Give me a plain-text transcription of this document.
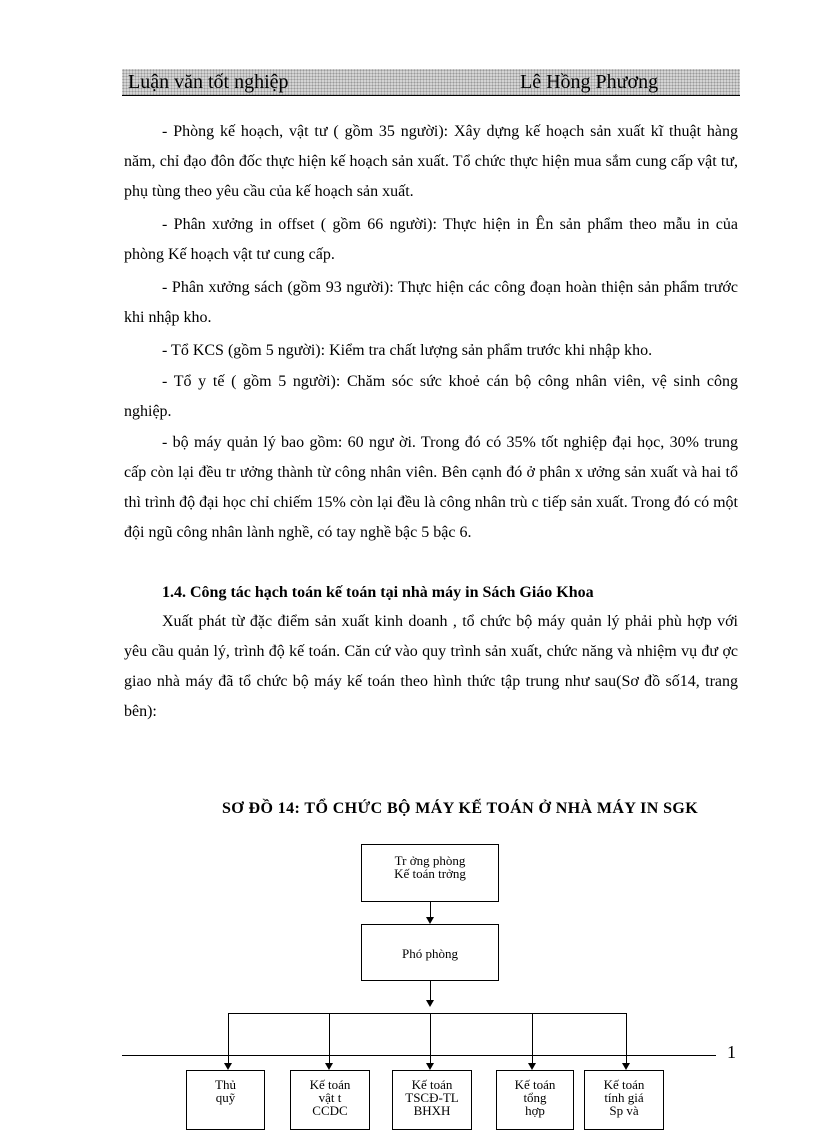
Luận văn tốt nghiệp	Lê Hồng Phương

- Phòng kế hoạch, vật tư ( gồm 35 người): Xây dựng kế hoạch sản xuất kĩ thuật hàng năm, chỉ đạo đôn đốc thực hiện kế hoạch sản xuất. Tổ chức thực hiện mua sắm cung cấp vật tư, phụ tùng theo yêu cầu của kế hoạch sản xuất.

- Phân xưởng in offset ( gồm 66 người): Thực hiện in Ên sản phẩm theo mẫu in của phòng Kế hoạch vật tư cung cấp.

- Phân xưởng sách (gồm 93 người): Thực hiện các công đoạn hoàn thiện sản phẩm trước khi nhập kho.

- Tổ KCS (gồm 5 người): Kiểm tra chất lượng sản phẩm trước khi nhập kho.

- Tổ y tế ( gồm 5 người): Chăm sóc sức khoẻ cán bộ công nhân viên, vệ sinh công nghiệp.

- bộ máy quản lý bao gồm: 60 ngư ời. Trong đó có 35% tốt nghiệp đại học, 30% trung cấp còn lại đều tr ưởng thành từ công nhân viên. Bên cạnh đó ở phân x ưởng sản xuất và hai tổ thì trình độ đại học chỉ chiếm 15% còn lại đều là công nhân trù c tiếp sản xuất. Trong đó có một đội ngũ công nhân lành nghề, có tay nghề bậc 5 bậc 6.

1.4. Công tác hạch toán kế toán tại nhà máy in Sách Giáo Khoa

Xuất phát từ đặc điểm sản xuất kinh doanh , tổ chức bộ máy quản lý phải phù hợp với yêu cầu quản lý, trình độ kế toán. Căn cứ vào quy trình sản xuất, chức năng và nhiệm vụ đư ợc giao nhà máy đã tổ chức bộ máy kế toán theo hình thức tập trung như sau(Sơ đồ số14, trang bên):

SƠ ĐỒ 14: TỔ CHỨC BỘ MÁY KẾ TOÁN Ở NHÀ MÁY IN SGK

Tr ởng phòng
Kế toán trởng
Phó phòng
1
Thủ
quỹ
Kế toán
vật t
CCDC
Kế toán
TSCĐ-TL
BHXH
Kế toán
tổng
hợp
Kế toán
tính giá
Sp và
